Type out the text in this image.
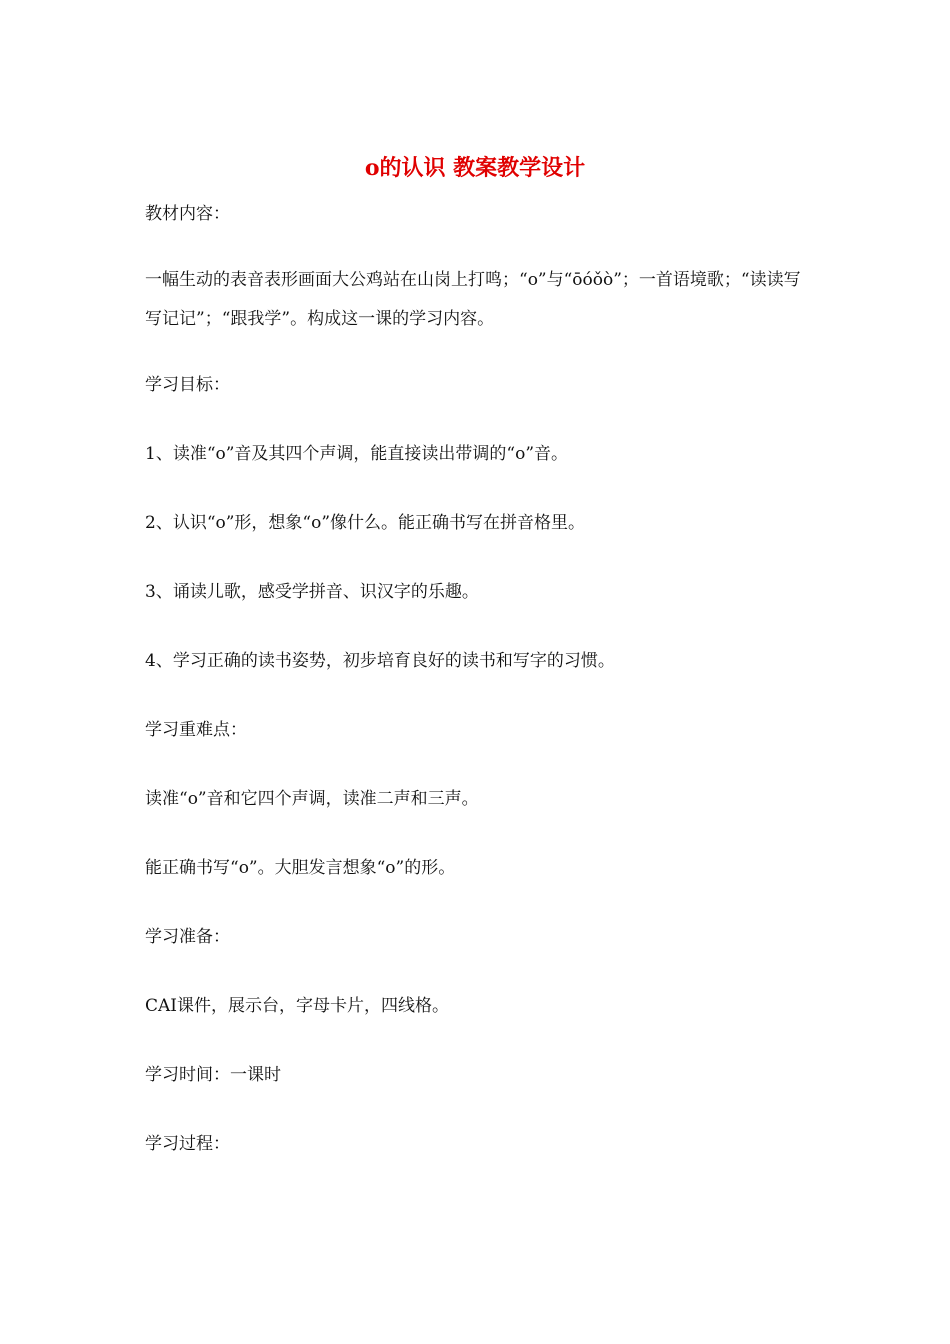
o的认识 教案教学设计
教材内容：
一幅生动的表音表形画面大公鸡站在山岗上打鸣；“o”与“ōóǒò”；一首语境歌；“读读写写记记”；“跟我学”。构成这一课的学习内容。
学习目标：
1、读准“o”音及其四个声调，能直接读出带调的“o”音。
2、认识“o”形，想象“o”像什么。能正确书写在拼音格里。
3、诵读儿歌，感受学拼音、识汉字的乐趣。
4、学习正确的读书姿势，初步培育良好的读书和写字的习惯。
学习重难点：
读准“o”音和它四个声调，读准二声和三声。
能正确书写“o”。大胆发言想象“o”的形。
学习准备：
CAI课件，展示台，字母卡片，四线格。
学习时间：一课时
学习过程：
